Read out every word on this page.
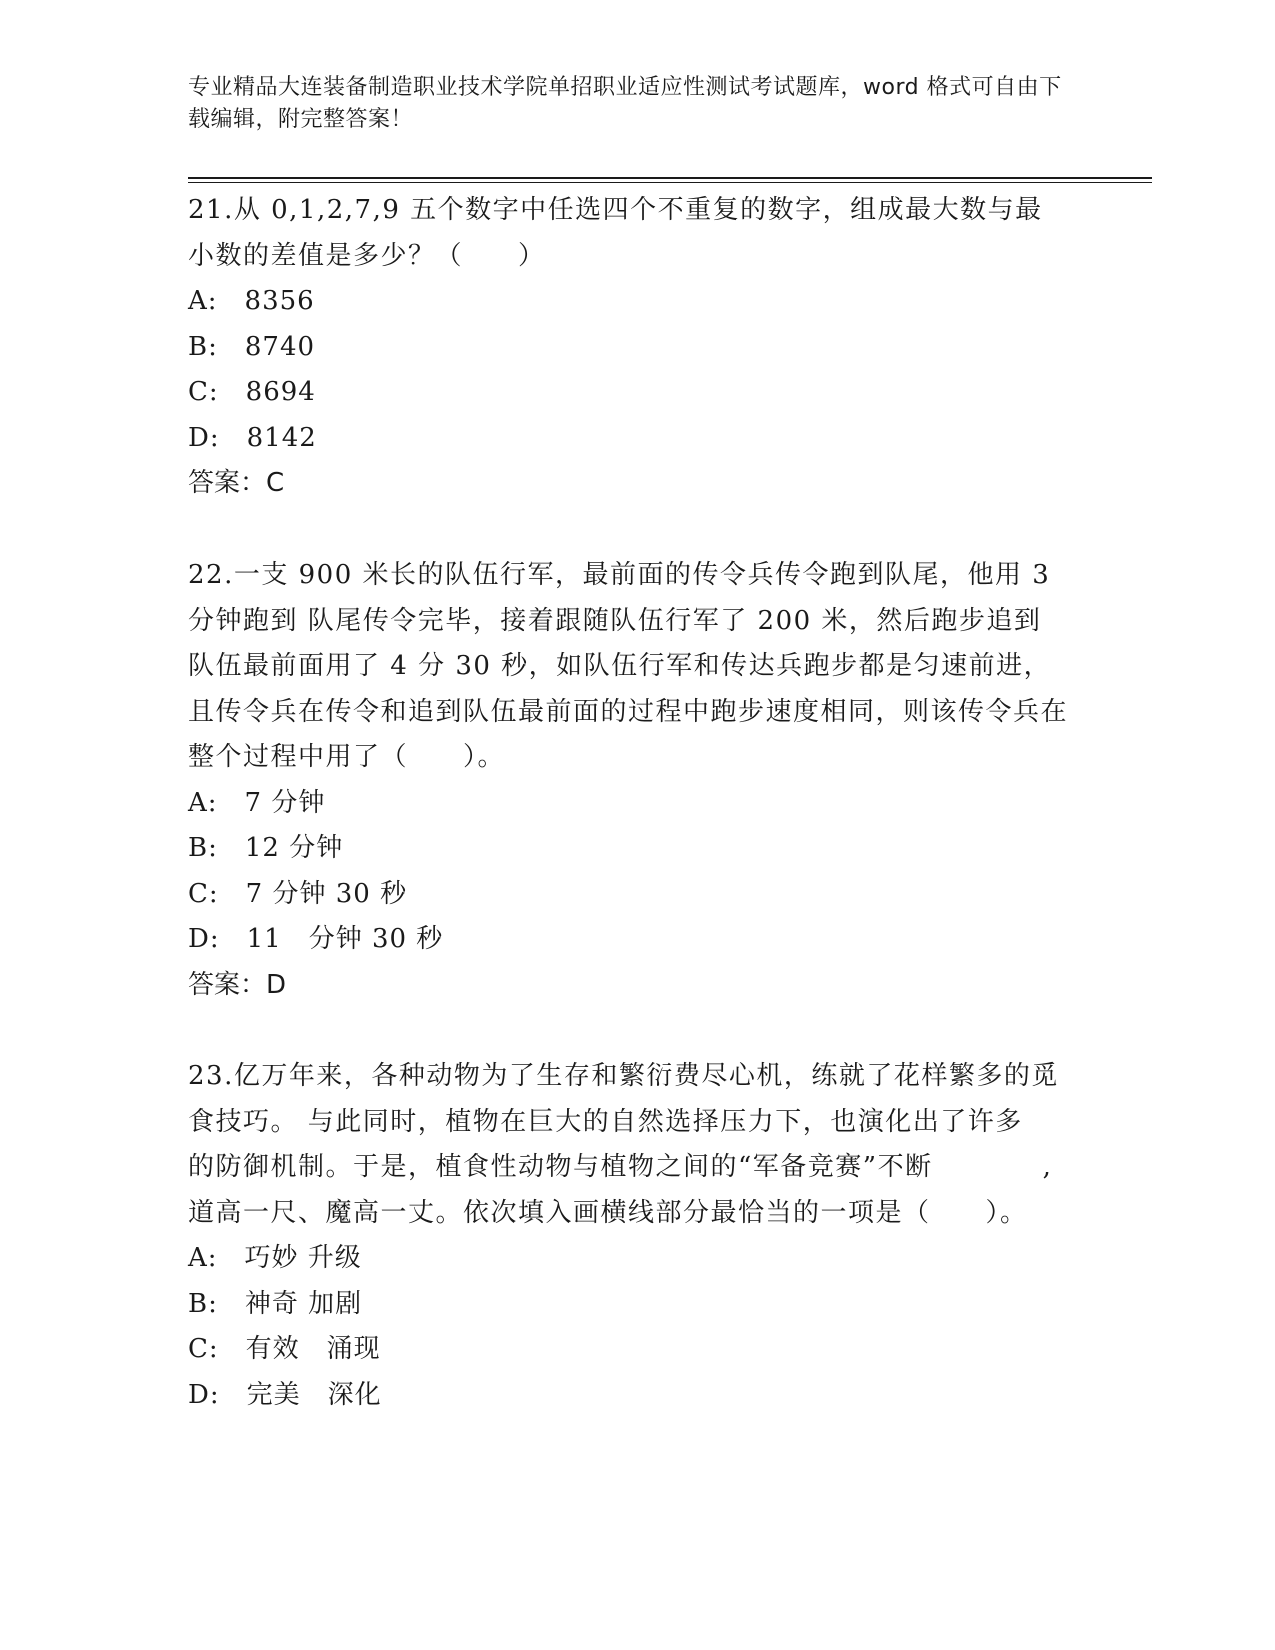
专业精品大连装备制造职业技术学院单招职业适应性测试考试题库，word 格式可自由下载编辑，附完整答案！

21.从 0,1,2,7,9 五个数字中任选四个不重复的数字，组成最大数与最小数的差值是多少？（　　）

A:　8356
B:　8740
C:　8694
D:　8142
答案：C

22.一支 900 米长的队伍行军，最前面的传令兵传令跑到队尾，他用 3 分钟跑到 队尾传令完毕，接着跟随队伍行军了 200 米，然后跑步追到队伍最前面用了 4 分 30 秒，如队伍行军和传达兵跑步都是匀速前进，且传令兵在传令和追到队伍最前面的过程中跑步速度相同，则该传令兵在整个过程中用了（　　）。

A:　7 分钟
B:　12 分钟
C:　7 分钟 30 秒
D:　11　分钟 30 秒
答案：D

23.亿万年来，各种动物为了生存和繁衍费尽心机，练就了花样繁多的觅食技巧。 与此同时，植物在巨大的自然选择压力下，也演化出了许多　　　　的防御机制。于是，植食性动物与植物之间的“军备竞赛”不断　　　　,道高一尺、魔高一丈。依次填入画横线部分最恰当的一项是（　　）。

A:　巧妙 升级
B:　神奇 加剧
C:　有效　涌现
D:　完美　深化
